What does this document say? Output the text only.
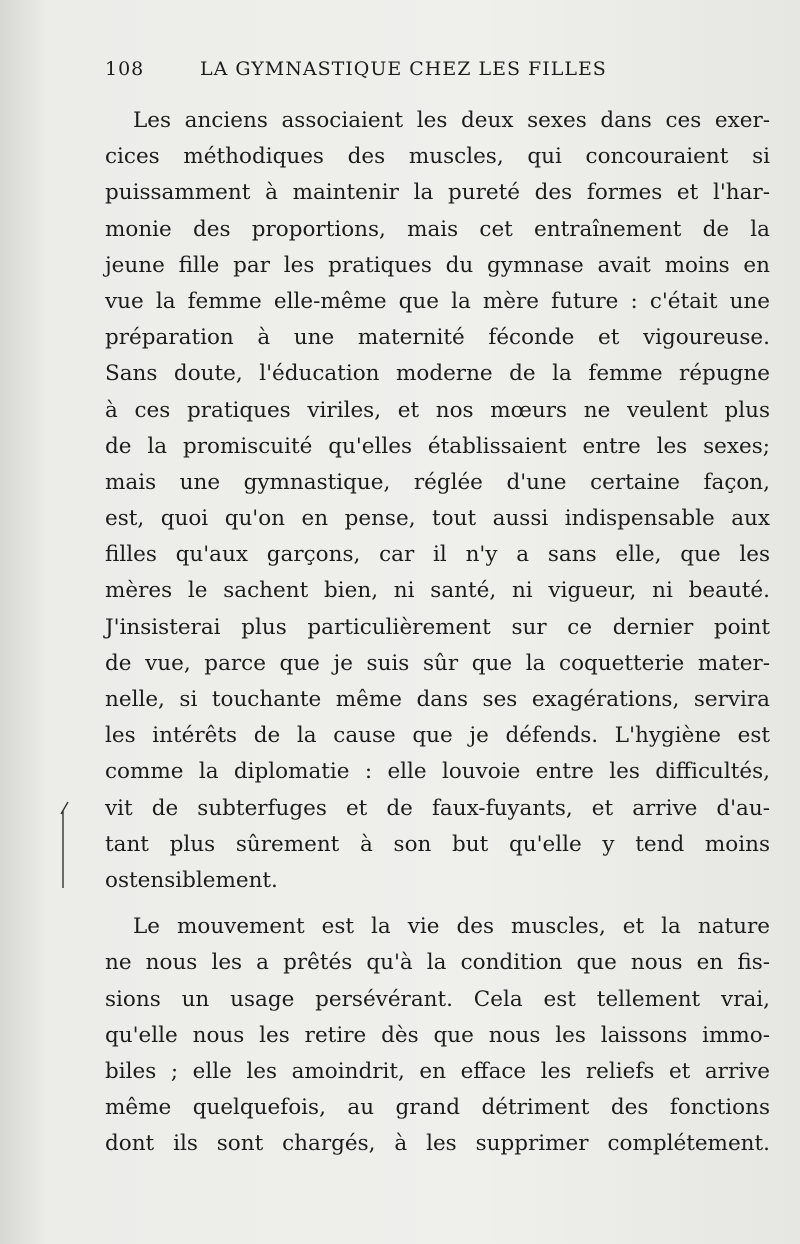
108	LA GYMNASTIQUE CHEZ LES FILLES
Les anciens associaient les deux sexes dans ces exer-
cices méthodiques des muscles, qui concouraient si
puissamment à maintenir la pureté des formes et l'har-
monie des proportions, mais cet entraînement de la
jeune fille par les pratiques du gymnase avait moins en
vue la femme elle-même que la mère future : c'était une
préparation à une maternité féconde et vigoureuse.
Sans doute, l'éducation moderne de la femme répugne
à ces pratiques viriles, et nos mœurs ne veulent plus
de la promiscuité qu'elles établissaient entre les sexes;
mais une gymnastique, réglée d'une certaine façon,
est, quoi qu'on en pense, tout aussi indispensable aux
filles qu'aux garçons, car il n'y a sans elle, que les
mères le sachent bien, ni santé, ni vigueur, ni beauté.
J'insisterai plus particulièrement sur ce dernier point
de vue, parce que je suis sûr que la coquetterie mater-
nelle, si touchante même dans ses exagérations, servira
les intérêts de la cause que je défends. L'hygiène est
comme la diplomatie : elle louvoie entre les difficultés,
vit de subterfuges et de faux-fuyants, et arrive d'au-
tant plus sûrement à son but qu'elle y tend moins
ostensiblement.
Le mouvement est la vie des muscles, et la nature
ne nous les a prêtés qu'à la condition que nous en fis-
sions un usage persévérant. Cela est tellement vrai,
qu'elle nous les retire dès que nous les laissons immo-
biles ; elle les amoindrit, en efface les reliefs et arrive
même quelquefois, au grand détriment des fonctions
dont ils sont chargés, à les supprimer complétement.
